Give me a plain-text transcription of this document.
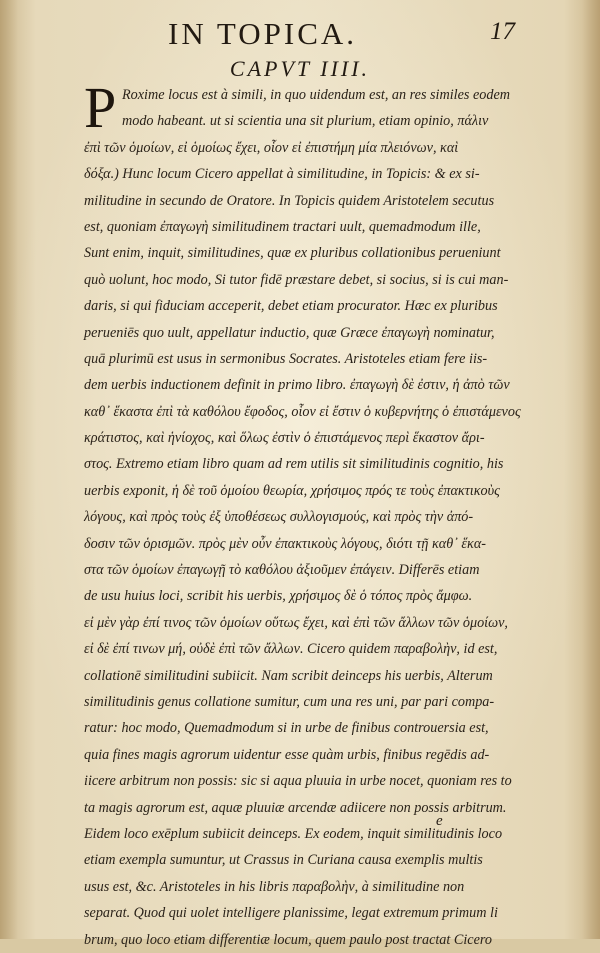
IN TOPICA.	17
CAPVT IIII.
P Roxime locus est à simili, in quo uidendum est, an res similes eodem
modo habeant. ut si scientia una sit plurium, etiam opinio, πάλιν
ἐπὶ τῶν ὁμοίων, εἰ ὁμοίως ἔχει, οἷον εἰ ἐπιστήμη μία πλειόνων, καὶ
δόξα.) Hunc locum Cicero appellat à similitudine, in Topicis: & ex si-
militudine in secundo de Oratore. In Topicis quidem Aristotelem secutus
est, quoniam ἐπαγωγὴ similitudinem tractari uult, quemadmodum ille,
Sunt enim, inquit, similitudines, quæ ex pluribus collationibus perueniunt
quò uolunt, hoc modo, Si tutor fidē præstare debet, si socius, si is cui man-
daris, si qui fiduciam acceperit, debet etiam procurator. Hæc ex pluribus
perueniēs quo uult, appellatur inductio, quæ Græce ἐπαγωγὴ nominatur,
quā plurimū est usus in sermonibus Socrates. Aristoteles etiam fere iis-
dem uerbis inductionem definit in primo libro. ἐπαγωγὴ δὲ ἐστιν, ἡ ἀπὸ τῶν
καθ᾽ ἕκαστα ἐπὶ τὰ καθόλου ἔφοδος, οἷον εἰ ἔστιν ὁ κυβερνήτης ὁ ἐπιστάμενος
κράτιστος, καὶ ἡνίοχος, καὶ ὅλως ἐστὶν ὁ ἐπιστάμενος περὶ ἕκαστον ἄρι-
στος. Extremo etiam libro quam ad rem utilis sit similitudinis cognitio, his
uerbis exponit, ἡ δὲ τοῦ ὁμοίου θεωρία, χρήσιμος πρός τε τοὺς ἐπακτικοὺς
λόγους, καὶ πρὸς τοὺς ἐξ ὑποθέσεως συλλογισμούς, καὶ πρὸς τὴν ἀπό-
δοσιν τῶν ὁρισμῶν. πρὸς μὲν οὖν ἐπακτικοὺς λόγους, διότι τῇ καθ᾽ ἕκα-
στα τῶν ὁμοίων ἐπαγωγῇ τὸ καθόλου ἀξιοῦμεν ἐπάγειν. Differēs etiam
de usu huius loci, scribit his uerbis, χρήσιμος δὲ ὁ τόπος πρὸς ἄμφω.
εἰ μὲν γὰρ ἐπί τινος τῶν ὁμοίων οὕτως ἔχει, καὶ ἐπὶ τῶν ἄλλων τῶν ὁμοίων,
εἰ δὲ ἐπί τινων μή, οὐδὲ ἐπὶ τῶν ἄλλων. Cicero quidem παραβολὴν, id est,
collationē similitudini subiicit. Nam scribit deinceps his uerbis, Alterum
similitudinis genus collatione sumitur, cum una res uni, par pari compa-
ratur: hoc modo, Quemadmodum si in urbe de finibus controuersia est,
quia fines magis agrorum uidentur esse quàm urbis, finibus regēdis ad-
iicere arbitrum non possis: sic si aqua pluuia in urbe nocet, quoniam res to
ta magis agrorum est, aquæ pluuiæ arcendæ adiicere non possis arbitrum.
Eidem loco exēplum subiicit deinceps. Ex eodem, inquit similitudinis loco
etiam exempla sumuntur, ut Crassus in Curiana causa exemplis multis
usus est, &c. Aristoteles in his libris παραβολὴν, à similitudine non
separat. Quod qui uolet intelligere planissime, legat extremum primum li
brum, quo loco etiam differentiæ locum, quem paulo post tractat Cicero
e
